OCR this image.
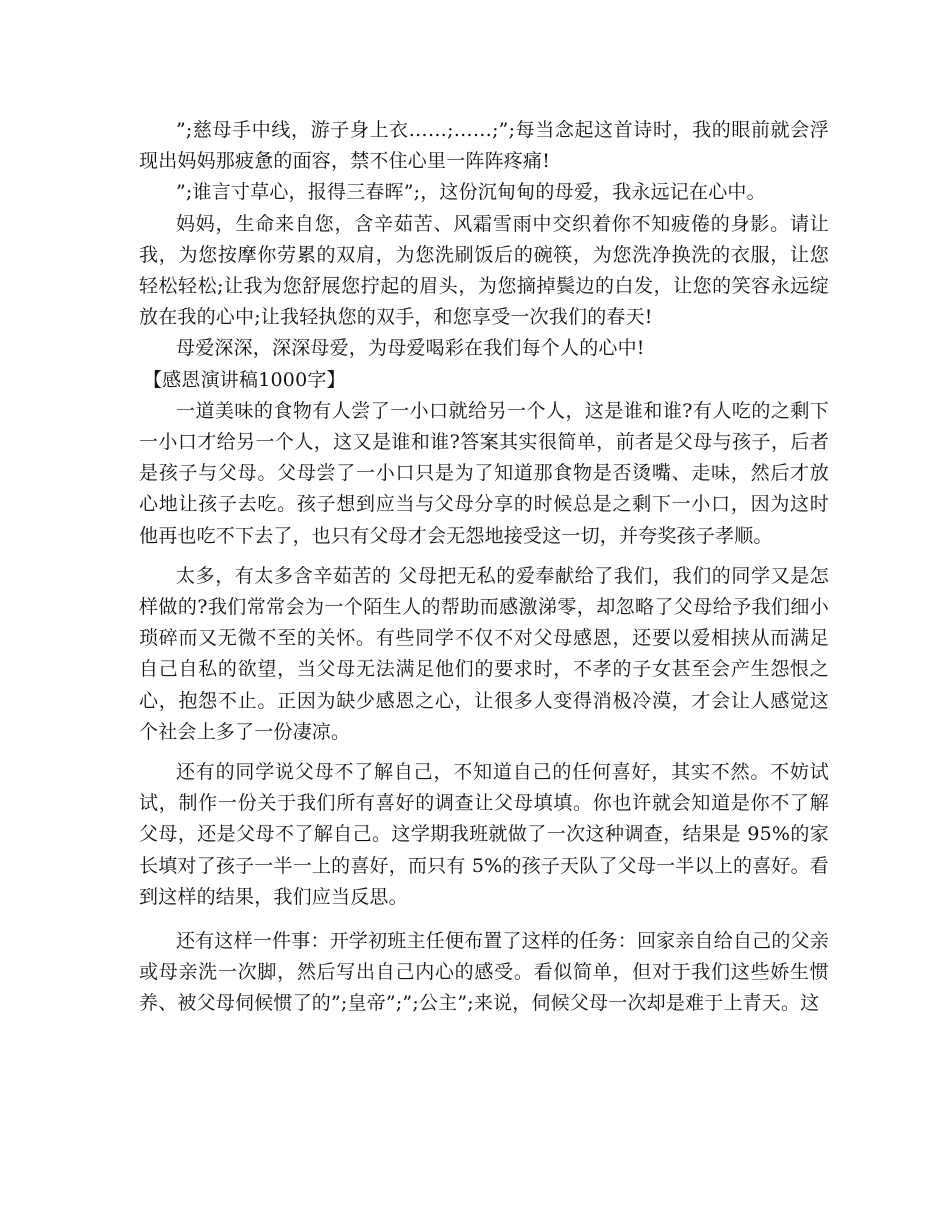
”;慈母手中线，游子身上衣……;……;”;每当念起这首诗时，我的眼前就会浮现出妈妈那疲惫的面容，禁不住心里一阵阵疼痛!

”;谁言寸草心，报得三春晖”;，这份沉甸甸的母爱，我永远记在心中。

妈妈，生命来自您，含辛茹苦、风霜雪雨中交织着你不知疲倦的身影。请让我，为您按摩你劳累的双肩，为您洗刷饭后的碗筷，为您洗净换洗的衣服，让您轻松轻松;让我为您舒展您拧起的眉头，为您摘掉鬓边的白发，让您的笑容永远绽放在我的心中;让我轻执您的双手，和您享受一次我们的春天!

母爱深深，深深母爱，为母爱喝彩在我们每个人的心中!

【感恩演讲稿1000字】

一道美味的食物有人尝了一小口就给另一个人，这是谁和谁?有人吃的之剩下一小口才给另一个人，这又是谁和谁?答案其实很简单，前者是父母与孩子，后者是孩子与父母。父母尝了一小口只是为了知道那食物是否烫嘴、走味，然后才放心地让孩子去吃。孩子想到应当与父母分享的时候总是之剩下一小口，因为这时他再也吃不下去了，也只有父母才会无怨地接受这一切，并夸奖孩子孝顺。

太多，有太多含辛茹苦的 父母把无私的爱奉献给了我们，我们的同学又是怎样做的?我们常常会为一个陌生人的帮助而感激涕零，却忽略了父母给予我们细小琐碎而又无微不至的关怀。有些同学不仅不对父母感恩，还要以爱相挟从而满足自己自私的欲望，当父母无法满足他们的要求时，不孝的子女甚至会产生怨恨之心，抱怨不止。正因为缺少感恩之心，让很多人变得消极冷漠，才会让人感觉这个社会上多了一份凄凉。

还有的同学说父母不了解自己，不知道自己的任何喜好，其实不然。不妨试试，制作一份关于我们所有喜好的调查让父母填填。你也许就会知道是你不了解父母，还是父母不了解自己。这学期我班就做了一次这种调查，结果是 95%的家长填对了孩子一半一上的喜好，而只有 5%的孩子天队了父母一半以上的喜好。看到这样的结果，我们应当反思。

还有这样一件事：开学初班主任便布置了这样的任务：回家亲自给自己的父亲或母亲洗一次脚，然后写出自己内心的感受。看似简单，但对于我们这些娇生惯养、被父母伺候惯了的”;皇帝”;”;公主”;来说，伺候父母一次却是难于上青天。这
